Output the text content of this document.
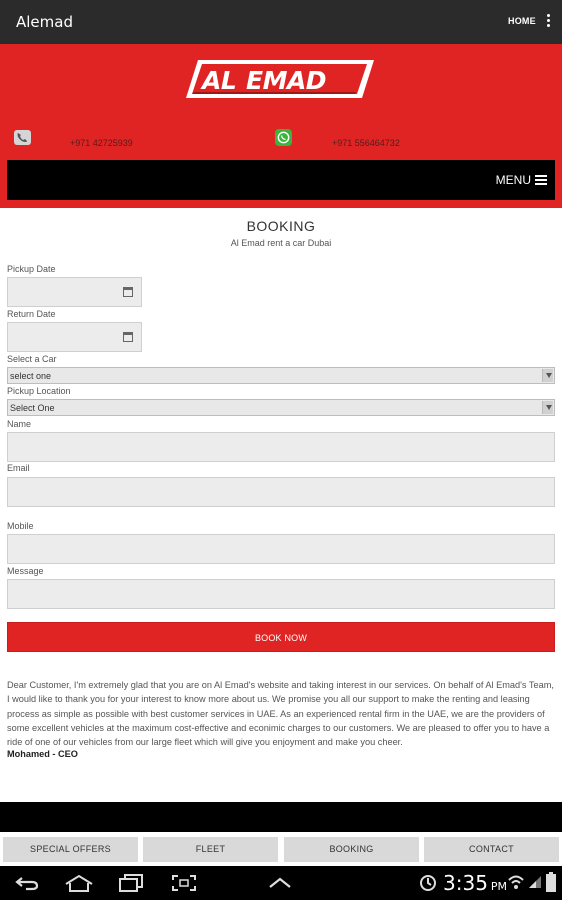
Alemad	HOME
AL EMAD
+971 42725939	+971 556464732
MENU
BOOKING
Al Emad rent a car Dubai
Pickup Date
Return Date
Select a Car
select one
Pickup Location
Select One
Name
Email
Mobile
Message
BOOK NOW
Dear Customer, I'm extremely glad that you are on Al Emad's website and taking interest in our services. On behalf of Al Emad's Team, I would like to thank you for your interest to know more about us. We promise you all our support to make the renting and leasing process as simple as possible with best customer services in UAE. As an experienced rental firm in the UAE, we are the providers of some excellent vehicles at the maximum cost-effective and econimic charges to our customers. We are pleased to offer you to have a ride of one of our vehicles from our large fleet which will give you enjoyment and make you cheer.
Mohamed - CEO
SPECIAL OFFERS	FLEET	BOOKING	CONTACT
3:35 PM
